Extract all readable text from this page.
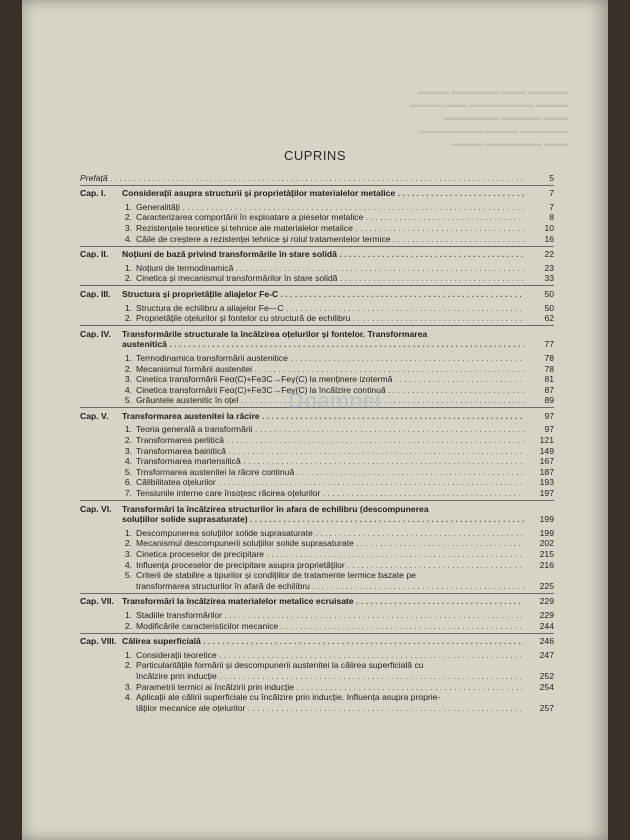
▬▬▬▬▬ ▬▬▬ ▬▬▬▬▬▬ ▬▬▬▬
▬▬▬▬ ▬▬▬▬▬▬▬▬ ▬▬▬ ▬▬▬▬
▬▬▬ ▬▬▬▬▬ ▬▬▬▬▬▬▬
▬▬▬▬▬▬ ▬▬▬▬ ▬▬▬▬▬▬▬▬
▬▬▬ ▬▬▬▬▬▬▬ ▬▬▬▬
CUPRINS
Prefață . . .	5
Cap. I.	Considerații asupra structurii și proprietăților materialelor metalice . . .	7
1. Generalități . . .	7
2. Caracterizarea comportării în exploatare a pieselor metalice . . .	8
3. Rezistențele teoretice și tehnice ale materialelor metalice . . .	10
4. Căile de creștere a rezistenței tehnice și rolul tratamentelor termice . . .	16
Cap. II.	Noțiuni de bază privind transformările în stare solidă . . .	22
1. Noțiuni de termodinamică . . .	23
2. Cinetica și mecanismul transformărilor în stare solidă . . .	33
Cap. III.	Structura și proprietățile aliajelor Fe-C . . .	50
1. Structura de echilibru a aliajelor Fe—C . . .	50
2. Proprietățile oțelurilor și fontelor cu structură de echilibru . . .	62
Cap. IV.	Transformările structurale la încălzirea oțelurilor și fontelor. Transformarea
austenitică . . .	77
1. Termodinamica transformării austenitice . . .	78
2. Mecanismul formării austenitei . . .	78
3. Cinetica transformării Feα(C)+Fe3C→Feγ(C) la menținere izotermă . . .	81
4. Cinetica transformării Feα(C)+Fe3C→Feγ(C) la încălzire continuă . . .	87
5. Grăuntele austenitic în oțel . . .	89
Cap. V.	Transformarea austenitei la răcire . . .	97
1. Teoria generală a transformării . . .	97
2. Transformarea perlitică . . .	121
3. Transformarea bainitică . . .	149
4. Transformarea martensitică . . .	167
5. Trnsformarea austenitei la răcire continuă . . .	187
6. Călibilitatea oțelurilor . . .	193
7. Tensiunile interne care însoțesc răcirea oțelurilor . . .	197
Cap. VI.	Transformări la încălzirea structurilor în afara de echilibru (descompunerea
soluțiilor solide suprasaturate) . . .	199
1. Descompunerea soluțiilor solide suprasaturate . . .	199
2. Mecanismul descompunerii soluțiilor solide suprasaturate . . .	202
3. Cinetica proceselor de precipitare . . .	215
4. Influența proceselor de precipitare asupra proprietăților . . .	216
5. Criterii de stabilire a tipurilor și condițiilor de tratamente termice bazate pe
transformarea structurilor în afară de echilibru . . .	225
Cap. VII. Transformări la încălzirea materialelor metalice ecruisate . . .	229
1. Stadiile transformărilor . . .	229
2. Modificările caracteristicilor mecanice . . .	244
Cap. VIII. Călirea superficială . . .	246
1. Considerații teoretice . . .	247
2. Particularitățile formării și descompunerii austenitei la călirea superficială cu
încălzire prin inducție . . .	252
3. Parametrii termici ai încălzirii prin inducție . . .	254
4. Aplicații ale călirii superficiale cu încălzire prin inducție. Influența asupra proprie-
tăților mecanice ale oțelurilor . . .	257
Doamnei
